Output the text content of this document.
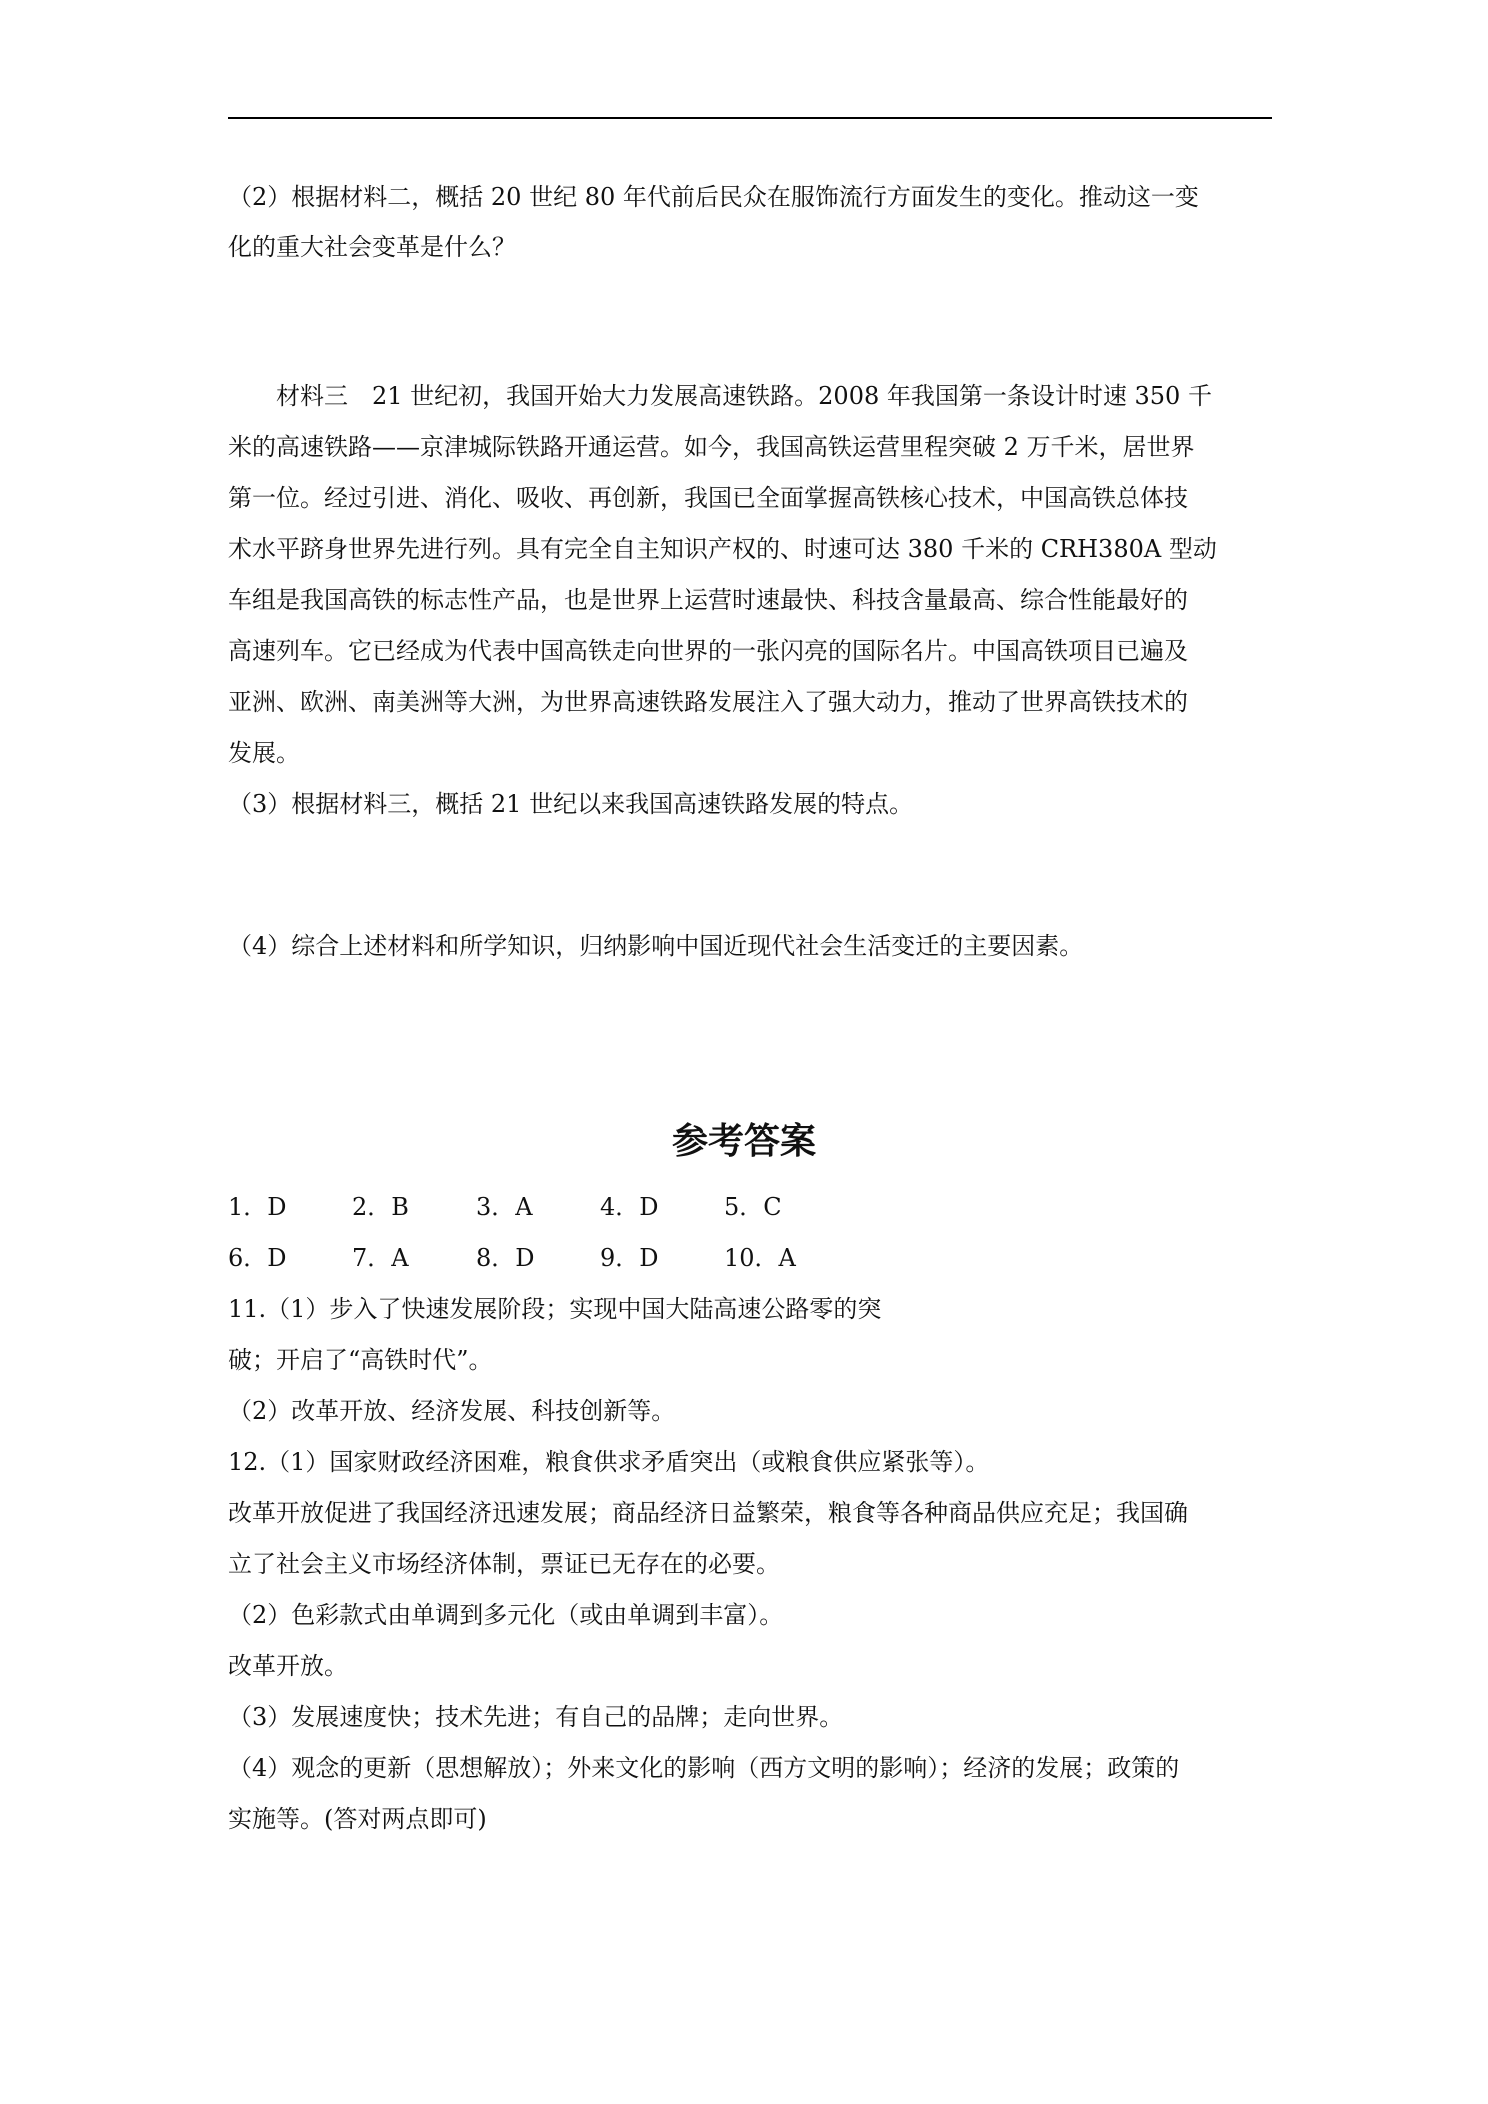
（2）根据材料二，概括 20 世纪 80 年代前后民众在服饰流行方面发生的变化。推动这一变
化的重大社会变革是什么？
材料三　21 世纪初，我国开始大力发展高速铁路。2008 年我国第一条设计时速 350 千
米的高速铁路——京津城际铁路开通运营。如今，我国高铁运营里程突破 2 万千米，居世界
第一位。经过引进、消化、吸收、再创新，我国已全面掌握高铁核心技术，中国高铁总体技
术水平跻身世界先进行列。具有完全自主知识产权的、时速可达 380 千米的 CRH380A 型动
车组是我国高铁的标志性产品，也是世界上运营时速最快、科技含量最高、综合性能最好的
高速列车。它已经成为代表中国高铁走向世界的一张闪亮的国际名片。中国高铁项目已遍及
亚洲、欧洲、南美洲等大洲，为世界高速铁路发展注入了强大动力，推动了世界高铁技术的
发展。
（3）根据材料三，概括 21 世纪以来我国高速铁路发展的特点。
（4）综合上述材料和所学知识，归纳影响中国近现代社会生活变迁的主要因素。
参考答案
1．D	2．B	3．A	4．D	5．C
6．D	7．A	8．D	9．D	10．A
11.（1）步入了快速发展阶段；实现中国大陆高速公路零的突
破；开启了“高铁时代”。
（2）改革开放、经济发展、科技创新等。
12.（1）国家财政经济困难，粮食供求矛盾突出（或粮食供应紧张等）。
改革开放促进了我国经济迅速发展；商品经济日益繁荣，粮食等各种商品供应充足；我国确
立了社会主义市场经济体制，票证已无存在的必要。
（2）色彩款式由单调到多元化（或由单调到丰富）。
改革开放。
（3）发展速度快；技术先进；有自己的品牌；走向世界。
（4）观念的更新（思想解放）；外来文化的影响（西方文明的影响）；经济的发展；政策的
实施等。(答对两点即可)
